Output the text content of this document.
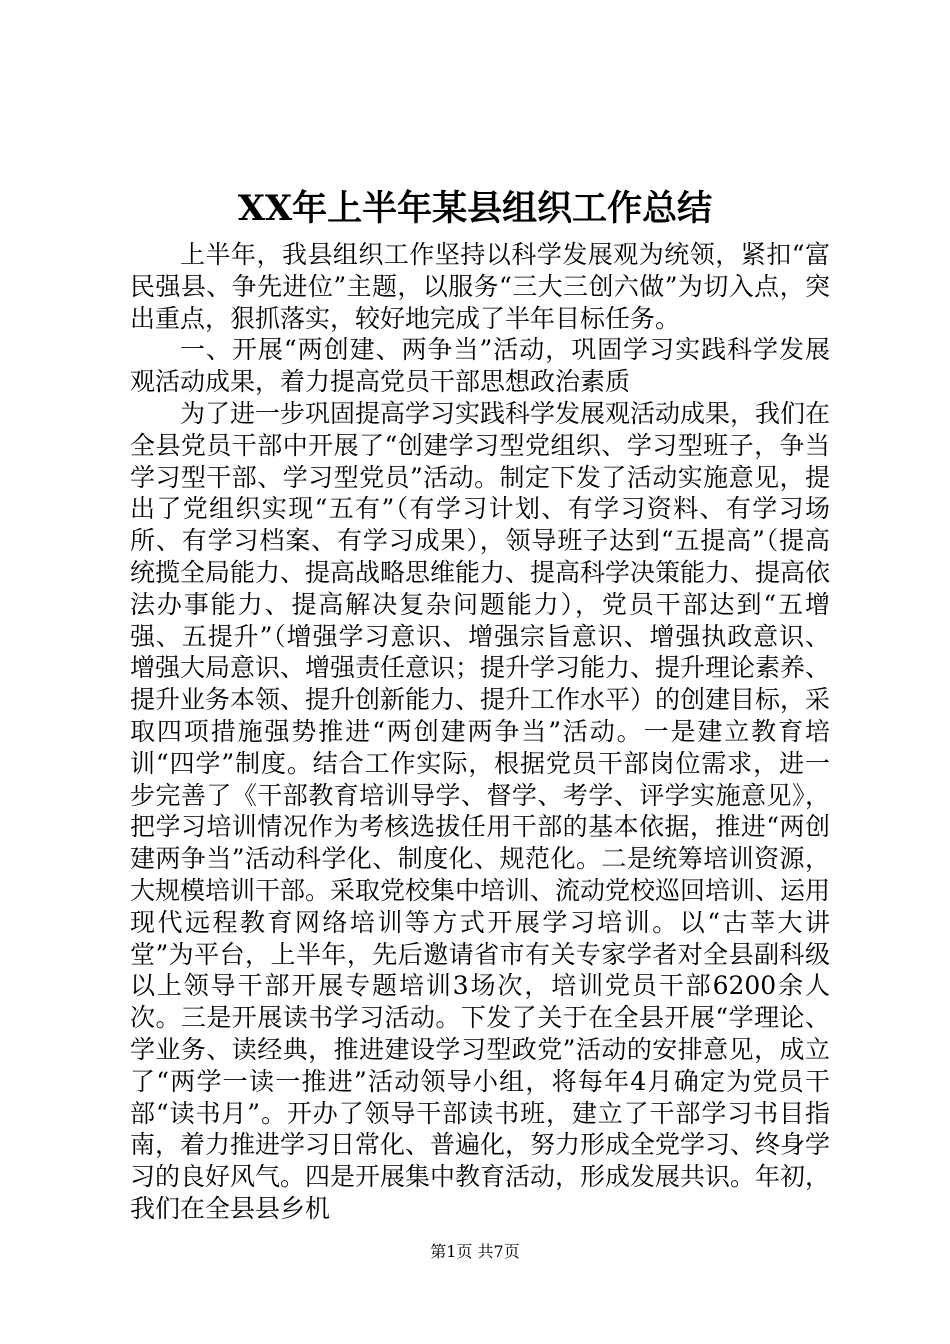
XX年上半年某县组织工作总结

上半年，我县组织工作坚持以科学发展观为统领，紧扣“富民强县、争先进位”主题，以服务“三大三创六做”为切入点，突出重点，狠抓落实，较好地完成了半年目标任务。

一、开展“两创建、两争当”活动，巩固学习实践科学发展观活动成果，着力提高党员干部思想政治素质

为了进一步巩固提高学习实践科学发展观活动成果，我们在全县党员干部中开展了“创建学习型党组织、学习型班子，争当学习型干部、学习型党员”活动。制定下发了活动实施意见，提出了党组织实现“五有”（有学习计划、有学习资料、有学习场所、有学习档案、有学习成果），领导班子达到“五提高”（提高统揽全局能力、提高战略思维能力、提高科学决策能力、提高依法办事能力、提高解决复杂问题能力），党员干部达到“五增强、五提升”（增强学习意识、增强宗旨意识、增强执政意识、增强大局意识、增强责任意识；提升学习能力、提升理论素养、提升业务本领、提升创新能力、提升工作水平）的创建目标，采取四项措施强势推进“两创建两争当”活动。一是建立教育培训“四学”制度。结合工作实际，根据党员干部岗位需求，进一步完善了《干部教育培训导学、督学、考学、评学实施意见》，把学习培训情况作为考核选拔任用干部的基本依据，推进“两创建两争当”活动科学化、制度化、规范化。二是统筹培训资源，大规模培训干部。采取党校集中培训、流动党校巡回培训、运用现代远程教育网络培训等方式开展学习培训。以“古莘大讲堂”为平台，上半年，先后邀请省市有关专家学者对全县副科级以上领导干部开展专题培训3场次，培训党员干部6200余人次。三是开展读书学习活动。下发了关于在全县开展“学理论、学业务、读经典，推进建设学习型政党”活动的安排意见，成立了“两学一读一推进”活动领导小组，将每年4月确定为党员干部“读书月”。开办了领导干部读书班，建立了干部学习书目指南，着力推进学习日常化、普遍化，努力形成全党学习、终身学习的良好风气。四是开展集中教育活动，形成发展共识。年初，我们在全县县乡机

第1页 共7页
